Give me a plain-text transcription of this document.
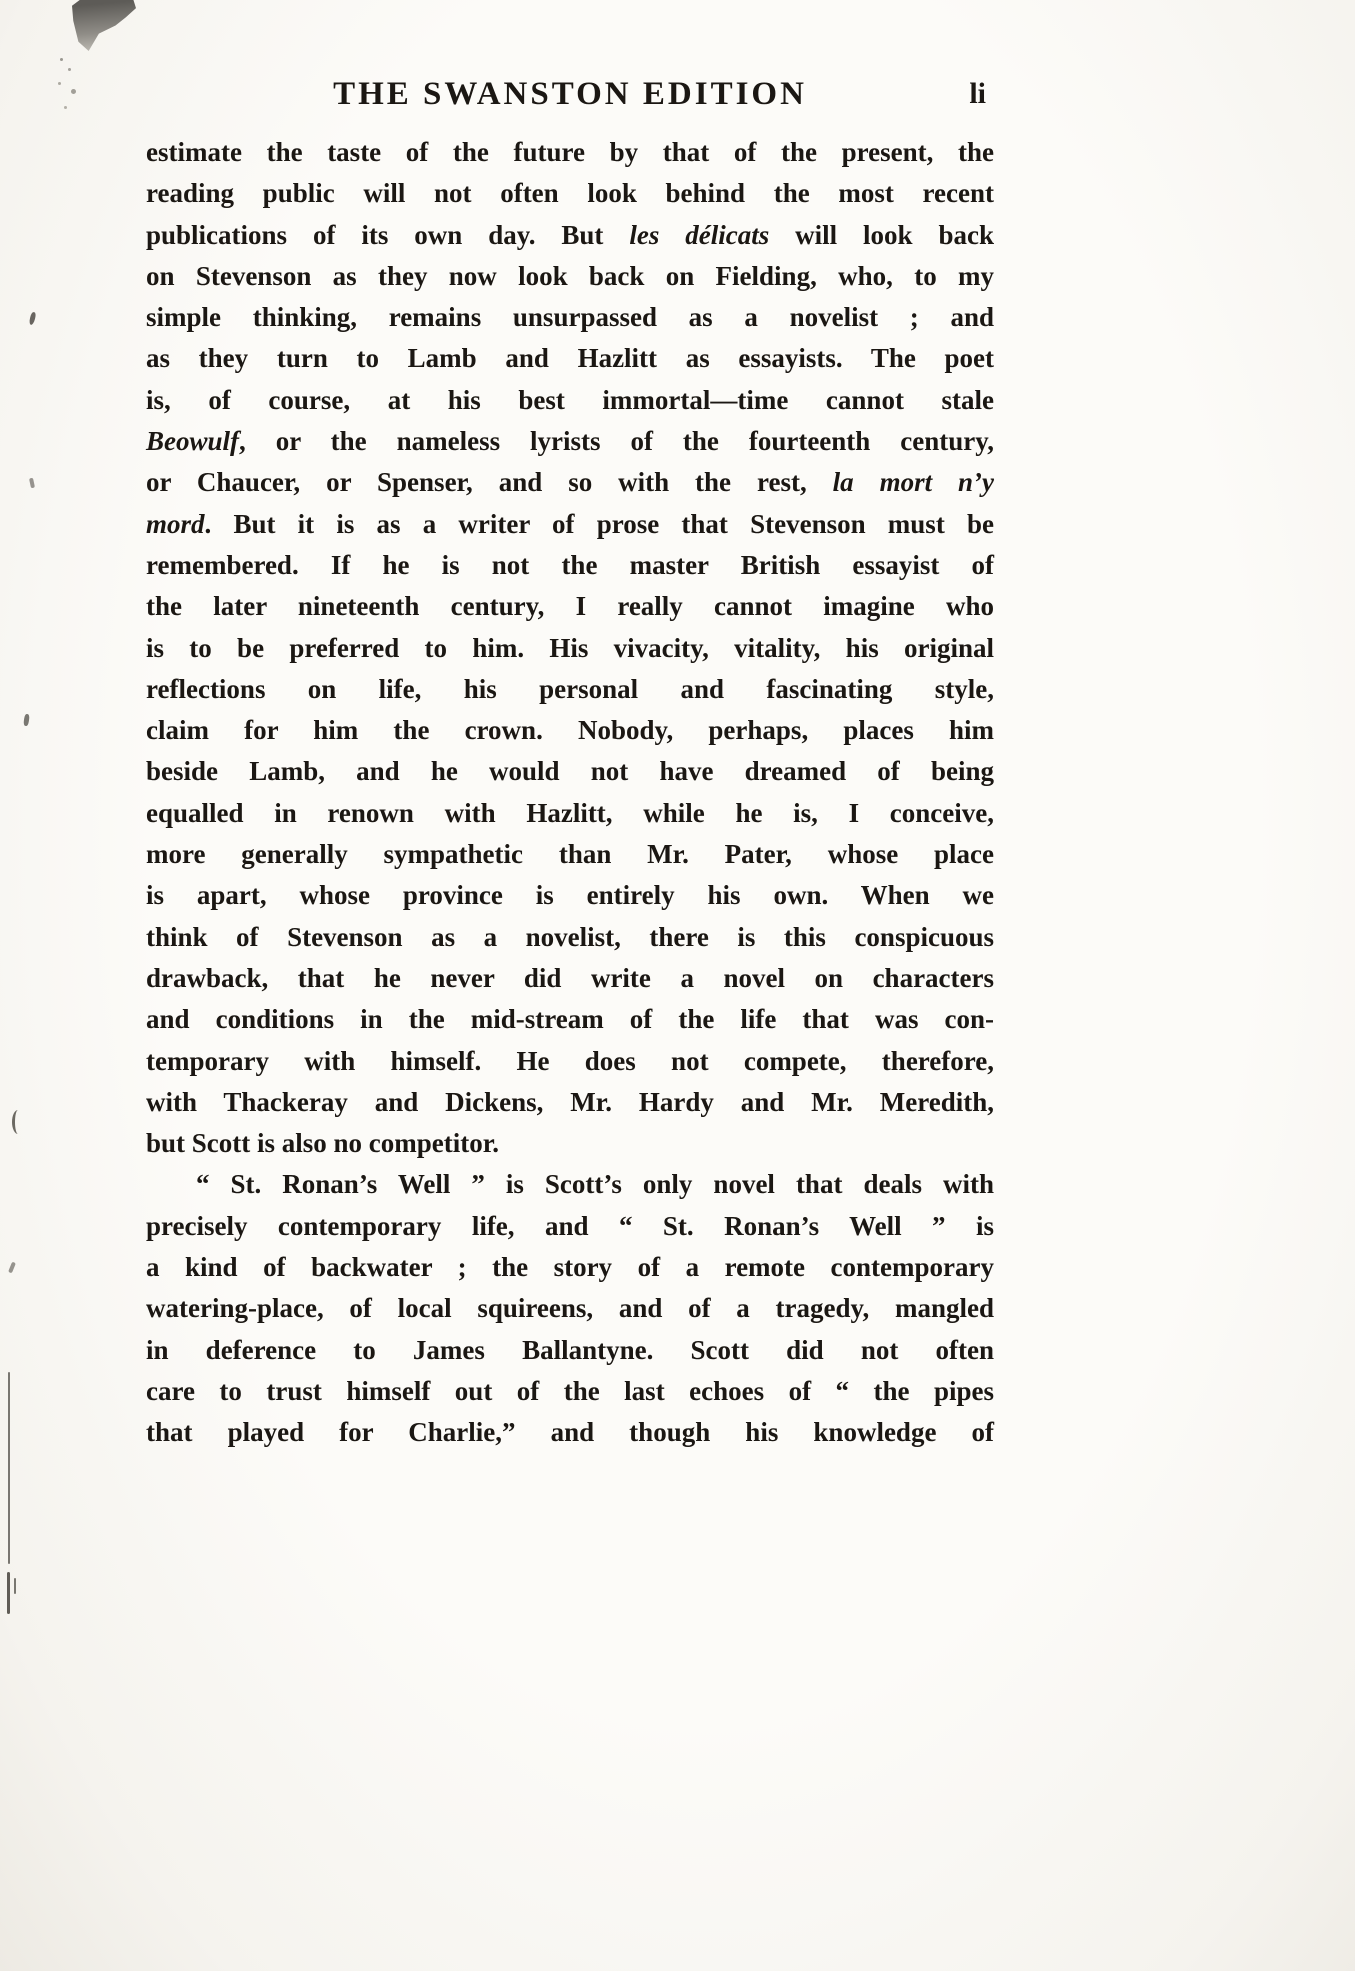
THE SWANSTON EDITION	li
estimate the taste of the future by that of the present, the
reading public will not often look behind the most recent
publications of its own day. But les délicats will look back
on Stevenson as they now look back on Fielding, who, to my
simple thinking, remains unsurpassed as a novelist ; and
as they turn to Lamb and Hazlitt as essayists. The poet
is, of course, at his best immortal—time cannot stale
Beowulf, or the nameless lyrists of the fourteenth century,
or Chaucer, or Spenser, and so with the rest, la mort n’y
mord. But it is as a writer of prose that Stevenson must be
remembered. If he is not the master British essayist of
the later nineteenth century, I really cannot imagine who
is to be preferred to him. His vivacity, vitality, his original
reflections on life, his personal and fascinating style,
claim for him the crown. Nobody, perhaps, places him
beside Lamb, and he would not have dreamed of being
equalled in renown with Hazlitt, while he is, I conceive,
more generally sympathetic than Mr. Pater, whose place
is apart, whose province is entirely his own. When we
think of Stevenson as a novelist, there is this conspicuous
drawback, that he never did write a novel on characters
and conditions in the mid-stream of the life that was con-
temporary with himself. He does not compete, therefore,
with Thackeray and Dickens, Mr. Hardy and Mr. Meredith,
but Scott is also no competitor.
“ St. Ronan’s Well ” is Scott’s only novel that deals with
precisely contemporary life, and “ St. Ronan’s Well ” is
a kind of backwater ; the story of a remote contemporary
watering-place, of local squireens, and of a tragedy, mangled
in deference to James Ballantyne. Scott did not often
care to trust himself out of the last echoes of “ the pipes
that played for Charlie,” and though his knowledge of
